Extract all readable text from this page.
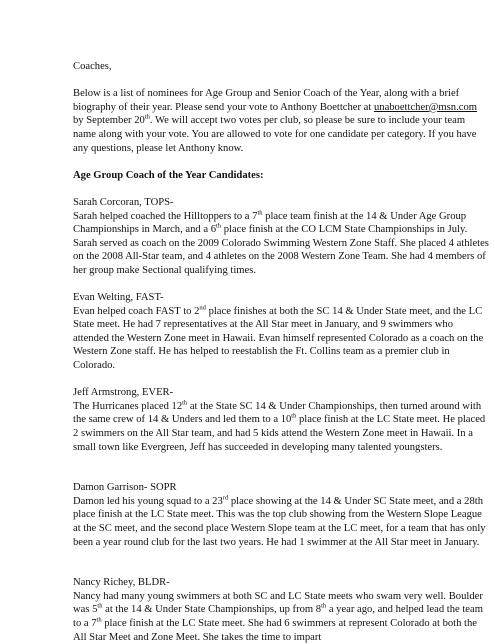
Coaches,

Below is a list of nominees for Age Group and Senior Coach of the Year, along with a brief biography of their year. Please send your vote to Anthony Boettcher at unaboettcher@msn.com by September 20th. We will accept two votes per club, so please be sure to include your team name along with your vote. You are allowed to vote for one candidate per category. If you have any questions, please let Anthony know.

Age Group Coach of the Year Candidates:

Sarah Corcoran, TOPS-

Sarah helped coached the Hilltoppers to a 7th place team finish at the 14 & Under Age Group Championships in March, and a 6th place finish at the CO LCM State Championships in July. Sarah served as coach on the 2009 Colorado Swimming Western Zone Staff. She placed 4 athletes on the 2008 All-Star team, and 4 athletes on the 2008 Western Zone Team. She had 4 members of her group make Sectional qualifying times.

Evan Welting, FAST-

Evan helped coach FAST to 2nd place finishes at both the SC 14 & Under State meet, and the LC State meet. He had 7 representatives at the All Star meet in January, and 9 swimmers who attended the Western Zone meet in Hawaii. Evan himself represented Colorado as a coach on the Western Zone staff. He has helped to reestablish the Ft. Collins team as a premier club in Colorado.

Jeff Armstrong, EVER-

The Hurricanes placed 12th at the State SC 14 & Under Championships, then turned around with the same crew of 14 & Unders and led them to a 10th place finish at the LC State meet. He placed 2 swimmers on the All Star team, and had 5 kids attend the Western Zone meet in Hawaii. In a small town like Evergreen, Jeff has succeeded in developing many talented youngsters.

Damon Garrison- SOPR

Damon led his young squad to a 23rd place showing at the 14 & Under SC State meet, and a 28th place finish at the LC State meet. This was the top club showing from the Western Slope League at the SC meet, and the second place Western Slope team at the LC meet, for a team that has only been a year round club for the last two years. He had 1 swimmer at the All Star meet in January.

Nancy Richey, BLDR-

Nancy had many young swimmers at both SC and LC State meets who swam very well. Boulder was 5th at the 14 & Under State Championships, up from 8th a year ago, and helped lead the team to a 7th place finish at the LC State meet. She had 6 swimmers at represent Colorado at both the All Star Meet and Zone Meet. She takes the time to impart
